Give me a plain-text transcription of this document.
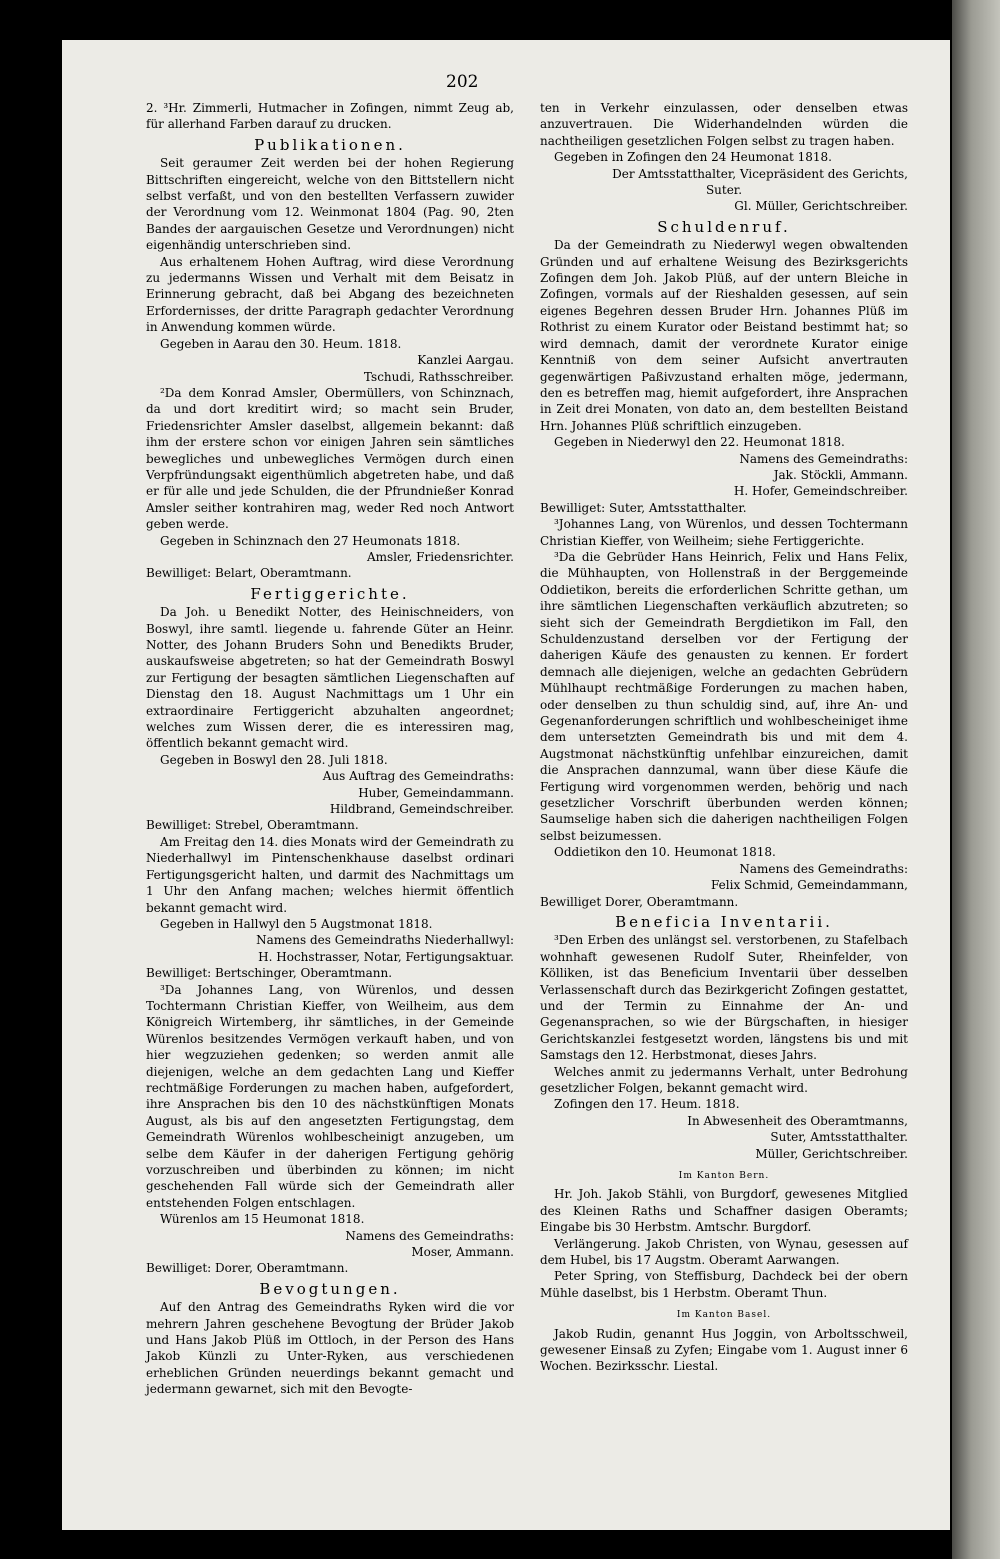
202

2. ³Hr. Zimmerli, Hutmacher in Zofingen, nimmt Zeug ab, für allerhand Farben darauf zu drucken.

Publikationen.

Seit geraumer Zeit werden bei der hohen Regierung Bittschriften eingereicht, welche von den Bittstellern nicht selbst verfaßt, und von den bestellten Verfassern zuwider der Verordnung vom 12. Weinmonat 1804 (Pag. 90, 2ten Bandes der aargauischen Gesetze und Verordnungen) nicht eigenhändig unterschrieben sind.

Aus erhaltenem Hohen Auftrag, wird diese Verordnung zu jedermanns Wissen und Verhalt mit dem Beisatz in Erinnerung gebracht, daß bei Abgang des bezeichneten Erfordernisses, der dritte Paragraph gedachter Verordnung in Anwendung kommen würde.

Gegeben in Aarau den 30. Heum. 1818.

Kanzlei Aargau.

Tschudi, Rathsschreiber.

²Da dem Konrad Amsler, Obermüllers, von Schinznach, da und dort kreditirt wird; so macht sein Bruder, Friedensrichter Amsler daselbst, allgemein bekannt: daß ihm der erstere schon vor einigen Jahren sein sämtliches bewegliches und unbewegliches Vermögen durch einen Verpfründungsakt eigenthümlich abgetreten habe, und daß er für alle und jede Schulden, die der Pfrundnießer Konrad Amsler seither kontrahiren mag, weder Red noch Antwort geben werde.

Gegeben in Schinznach den 27 Heumonats 1818.

Amsler, Friedensrichter.

Bewilliget: Belart, Oberamtmann.

Fertiggerichte.

Da Joh. u Benedikt Notter, des Heinischneiders, von Boswyl, ihre samtl. liegende u. fahrende Güter an Heinr. Notter, des Johann Bruders Sohn und Benedikts Bruder, auskaufsweise abgetreten; so hat der Gemeindrath Boswyl zur Fertigung der besagten sämtlichen Liegenschaften auf Dienstag den 18. August Nachmittags um 1 Uhr ein extraordinaire Fertiggericht abzuhalten angeordnet; welches zum Wissen derer, die es interessiren mag, öffentlich bekannt gemacht wird.

Gegeben in Boswyl den 28. Juli 1818.

Aus Auftrag des Gemeindraths:

Huber, Gemeindammann.

Hildbrand, Gemeindschreiber.

Bewilliget: Strebel, Oberamtmann.

Am Freitag den 14. dies Monats wird der Gemeindrath zu Niederhallwyl im Pintenschenkhause daselbst ordinari Fertigungsgericht halten, und darmit des Nachmittags um 1 Uhr den Anfang machen; welches hiermit öffentlich bekannt gemacht wird.

Gegeben in Hallwyl den 5 Augstmonat 1818.

Namens des Gemeindraths Niederhallwyl:

H. Hochstrasser, Notar, Fertigungsaktuar.

Bewilliget: Bertschinger, Oberamtmann.

³Da Johannes Lang, von Würenlos, und dessen Tochtermann Christian Kieffer, von Weilheim, aus dem Königreich Wirtemberg, ihr sämtliches, in der Gemeinde Würenlos besitzendes Vermögen verkauft haben, und von hier wegzuziehen gedenken; so werden anmit alle diejenigen, welche an dem gedachten Lang und Kieffer rechtmäßige Forderungen zu machen haben, aufgefordert, ihre Ansprachen bis den 10 des nächstkünftigen Monats August, als bis auf den angesetzten Fertigungstag, dem Gemeindrath Würenlos wohlbescheinigt anzugeben, um selbe dem Käufer in der daherigen Fertigung gehörig vorzuschreiben und überbinden zu können; im nicht geschehenden Fall würde sich der Gemeindrath aller entstehenden Folgen entschlagen.

Würenlos am 15 Heumonat 1818.

Namens des Gemeindraths:

Moser, Ammann.

Bewilliget: Dorer, Oberamtmann.

Bevogtungen.

Auf den Antrag des Gemeindraths Ryken wird die vor mehrern Jahren geschehene Bevogtung der Brüder Jakob und Hans Jakob Plüß im Ottloch, in der Person des Hans Jakob Künzli zu Unter-Ryken, aus verschiedenen erheblichen Gründen neuerdings bekannt gemacht und jedermann gewarnet, sich mit den Bevogte-

ten in Verkehr einzulassen, oder denselben etwas anzuvertrauen. Die Widerhandelnden würden die nachtheiligen gesetzlichen Folgen selbst zu tragen haben.

Gegeben in Zofingen den 24 Heumonat 1818.

Der Amtsstatthalter, Vicepräsident des Gerichts,

Suter.

Gl. Müller, Gerichtschreiber.

Schuldenruf.

Da der Gemeindrath zu Niederwyl wegen obwaltenden Gründen und auf erhaltene Weisung des Bezirksgerichts Zofingen dem Joh. Jakob Plüß, auf der untern Bleiche in Zofingen, vormals auf der Rieshalden gesessen, auf sein eigenes Begehren dessen Bruder Hrn. Johannes Plüß im Rothrist zu einem Kurator oder Beistand bestimmt hat; so wird demnach, damit der verordnete Kurator einige Kenntniß von dem seiner Aufsicht anvertrauten gegenwärtigen Paßivzustand erhalten möge, jedermann, den es betreffen mag, hiemit aufgefordert, ihre Ansprachen in Zeit drei Monaten, von dato an, dem bestellten Beistand Hrn. Johannes Plüß schriftlich einzugeben.

Gegeben in Niederwyl den 22. Heumonat 1818.

Namens des Gemeindraths:

Jak. Stöckli, Ammann.

H. Hofer, Gemeindschreiber.

Bewilliget: Suter, Amtsstatthalter.

³Johannes Lang, von Würenlos, und dessen Tochtermann Christian Kieffer, von Weilheim; siehe Fertiggerichte.

³Da die Gebrüder Hans Heinrich, Felix und Hans Felix, die Mühhaupten, von Hollenstraß in der Berggemeinde Oddietikon, bereits die erforderlichen Schritte gethan, um ihre sämtlichen Liegenschaften verkäuflich abzutreten; so sieht sich der Gemeindrath Bergdietikon im Fall, den Schuldenzustand derselben vor der Fertigung der daherigen Käufe des genausten zu kennen. Er fordert demnach alle diejenigen, welche an gedachten Gebrüdern Mühlhaupt rechtmäßige Forderungen zu machen haben, oder denselben zu thun schuldig sind, auf, ihre An- und Gegenanforderungen schriftlich und wohlbescheiniget ihme dem untersetzten Gemeindrath bis und mit dem 4. Augstmonat nächstkünftig unfehlbar einzureichen, damit die Ansprachen dannzumal, wann über diese Käufe die Fertigung wird vorgenommen werden, behörig und nach gesetzlicher Vorschrift überbunden werden können; Saumselige haben sich die daherigen nachtheiligen Folgen selbst beizumessen.

Oddietikon den 10. Heumonat 1818.

Namens des Gemeindraths:

Felix Schmid, Gemeindammann,

Bewilliget Dorer, Oberamtmann.

Beneficia Inventarii.

³Den Erben des unlängst sel. verstorbenen, zu Stafelbach wohnhaft gewesenen Rudolf Suter, Rheinfelder, von Kölliken, ist das Beneficium Inventarii über desselben Verlassenschaft durch das Bezirkgericht Zofingen gestattet, und der Termin zu Einnahme der An- und Gegenansprachen, so wie der Bürgschaften, in hiesiger Gerichtskanzlei festgesetzt worden, längstens bis und mit Samstags den 12. Herbstmonat, dieses Jahrs.

Welches anmit zu jedermanns Verhalt, unter Bedrohung gesetzlicher Folgen, bekannt gemacht wird.

Zofingen den 17. Heum. 1818.

In Abwesenheit des Oberamtmanns,

Suter, Amtsstatthalter.

Müller, Gerichtschreiber.

Im Kanton Bern.

Hr. Joh. Jakob Stähli, von Burgdorf, gewesenes Mitglied des Kleinen Raths und Schaffner dasigen Oberamts; Eingabe bis 30 Herbstm. Amtschr. Burgdorf.

Verlängerung. Jakob Christen, von Wynau, gesessen auf dem Hubel, bis 17 Augstm. Oberamt Aarwangen.

Peter Spring, von Steffisburg, Dachdeck bei der obern Mühle daselbst, bis 1 Herbstm. Oberamt Thun.

Im Kanton Basel.

Jakob Rudin, genannt Hus Joggin, von Arboltsschweil, gewesener Einsaß zu Zyfen; Eingabe vom 1. August inner 6 Wochen. Bezirksschr. Liestal.
